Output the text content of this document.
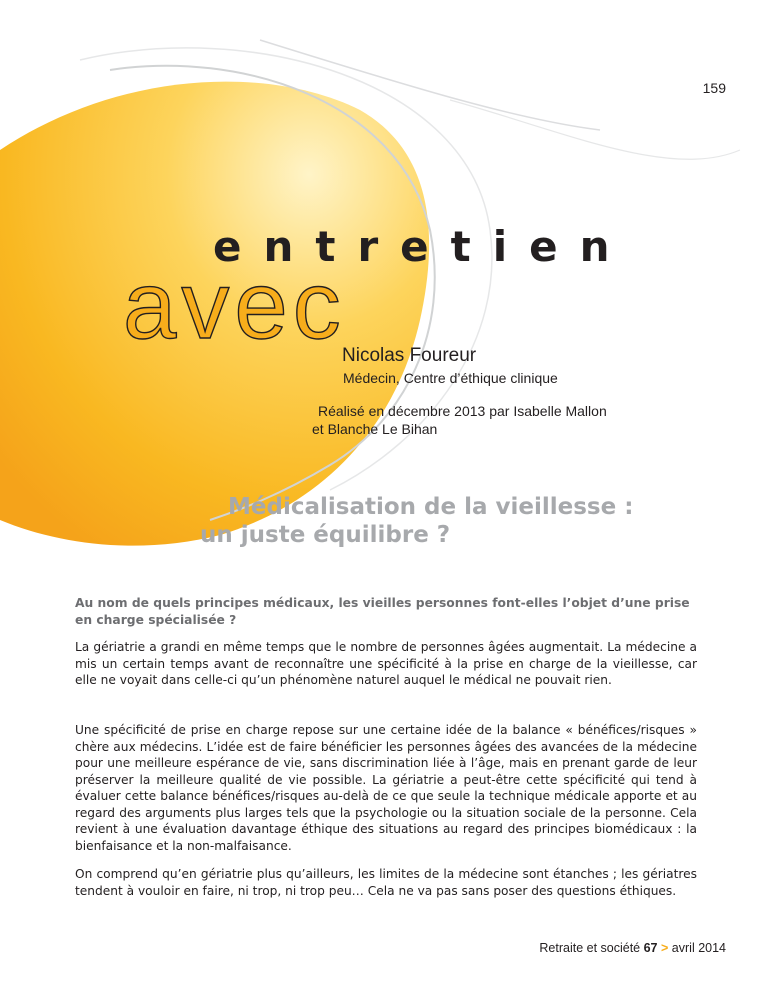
159
entretien
avec
Nicolas Foureur
Médecin, Centre d’éthique clinique
Réalisé en décembre 2013 par Isabelle Mallon
et Blanche Le Bihan
Médicalisation de la vieillesse :
un juste équilibre ?

Au nom de quels principes médicaux, les vieilles personnes font-elles l’objet d’une prise en charge spécialisée ?

La gériatrie a grandi en même temps que le nombre de personnes âgées augmentait. La médecine a mis un certain temps avant de reconnaître une spécificité à la prise en charge de la vieillesse, car elle ne voyait dans celle-ci qu’un phénomène naturel auquel le médical ne pouvait rien.

Une spécificité de prise en charge repose sur une certaine idée de la balance « bénéfices/risques » chère aux médecins. L’idée est de faire bénéficier les personnes âgées des avancées de la médecine pour une meilleure espérance de vie, sans discrimination liée à l’âge, mais en prenant garde de leur préserver la meilleure qualité de vie possible. La gériatrie a peut-être cette spécificité qui tend à évaluer cette balance bénéfices/risques au-delà de ce que seule la technique médicale apporte et au regard des arguments plus larges tels que la psychologie ou la situation sociale de la personne. Cela revient à une évaluation davantage éthique des situations au regard des principes biomédicaux : la bienfaisance et la non-malfaisance.

On comprend qu’en gériatrie plus qu’ailleurs, les limites de la médecine sont étanches ; les gériatres tendent à vouloir en faire, ni trop, ni trop peu… Cela ne va pas sans poser des questions éthiques.

Retraite et société 67 > avril 2014
